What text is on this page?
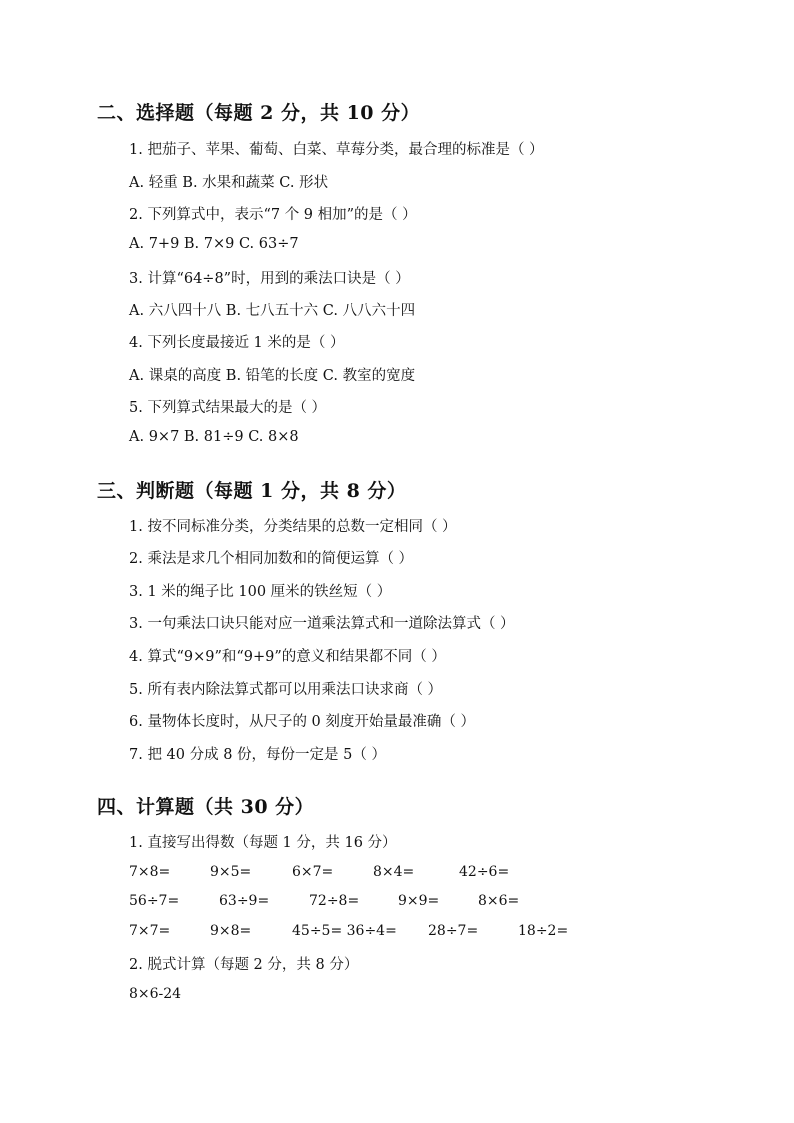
二、选择题（每题 2 分，共 10 分）
1. 把茄子、苹果、葡萄、白菜、草莓分类，最合理的标准是（ ）
A. 轻重 B. 水果和蔬菜 C. 形状
2. 下列算式中，表示“7 个 9 相加”的是（ ）
A. 7+9 B. 7×9 C. 63÷7
3. 计算“64÷8”时，用到的乘法口诀是（ ）
A. 六八四十八 B. 七八五十六 C. 八八六十四
4. 下列长度最接近 1 米的是（ ）
A. 课桌的高度 B. 铅笔的长度 C. 教室的宽度
5. 下列算式结果最大的是（ ）
A. 9×7 B. 81÷9 C. 8×8
三、判断题（每题 1 分，共 8 分）
1. 按不同标准分类，分类结果的总数一定相同（ ）
2. 乘法是求几个相同加数和的简便运算（ ）
3. 1 米的绳子比 100 厘米的铁丝短（ ）
3. 一句乘法口诀只能对应一道乘法算式和一道除法算式（ ）
4. 算式“9×9”和“9+9”的意义和结果都不同（ ）
5. 所有表内除法算式都可以用乘法口诀求商（ ）
6. 量物体长度时，从尺子的 0 刻度开始量最准确（ ）
7. 把 40 分成 8 份，每份一定是 5（ ）
四、计算题（共 30 分）
1. 直接写出得数（每题 1 分，共 16 分）
7×8=	9×5=	6×7=	8×4=	42÷6=
56÷7=	63÷9=	72÷8=	9×9=	8×6=
7×7=	9×8=	45÷5= 36÷4= 28÷7=	18÷2=
2. 脱式计算（每题 2 分，共 8 分）
8×6-24
